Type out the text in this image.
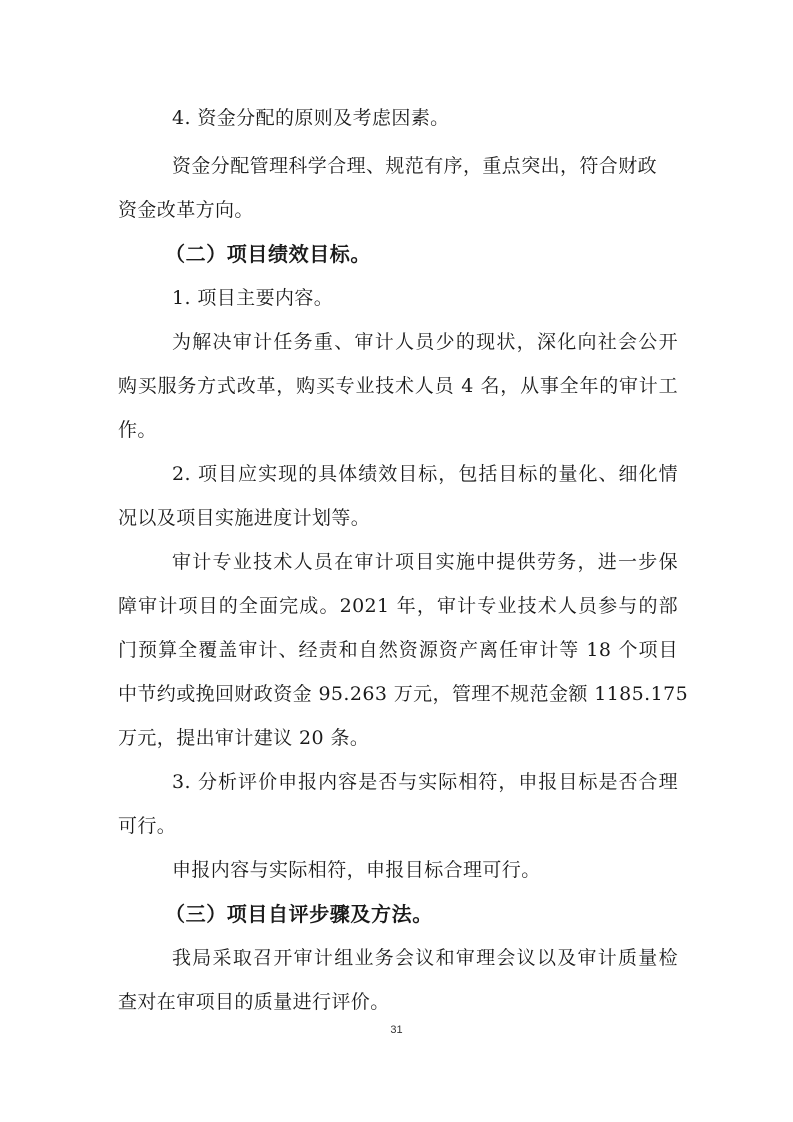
4. 资金分配的原则及考虑因素。
资金分配管理科学合理、规范有序，重点突出，符合财政
资金改革方向。
（二）项目绩效目标。
1. 项目主要内容。
为解决审计任务重、审计人员少的现状，深化向社会公开
购买服务方式改革，购买专业技术人员 4 名，从事全年的审计工
作。
2. 项目应实现的具体绩效目标，包括目标的量化、细化情
况以及项目实施进度计划等。
审计专业技术人员在审计项目实施中提供劳务，进一步保
障审计项目的全面完成。2021 年，审计专业技术人员参与的部
门预算全覆盖审计、经责和自然资源资产离任审计等 18 个项目
中节约或挽回财政资金 95.263 万元，管理不规范金额 1185.175
万元，提出审计建议 20 条。
3. 分析评价申报内容是否与实际相符，申报目标是否合理
可行。
申报内容与实际相符，申报目标合理可行。
（三）项目自评步骤及方法。
我局采取召开审计组业务会议和审理会议以及审计质量检
查对在审项目的质量进行评价。
31
